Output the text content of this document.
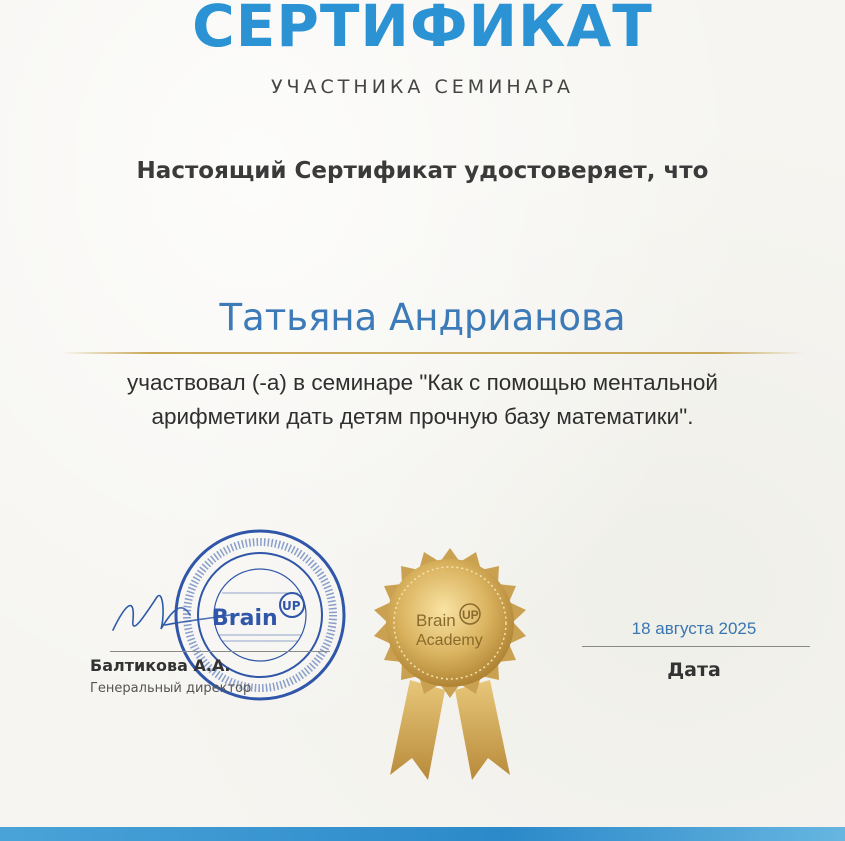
СЕРТИФИКАТ
УЧАСТНИКА СЕМИНАРА
Настоящий Сертификат удостоверяет, что
Татьяна Андрианова
участвовал (-а) в семинаре "Как с помощью ментальной
арифметики дать детям прочную базу математики".
Brain UP
Academy
Brain UP
Балтикова А.А.
Генеральный директор
18 августа 2025
Дата
